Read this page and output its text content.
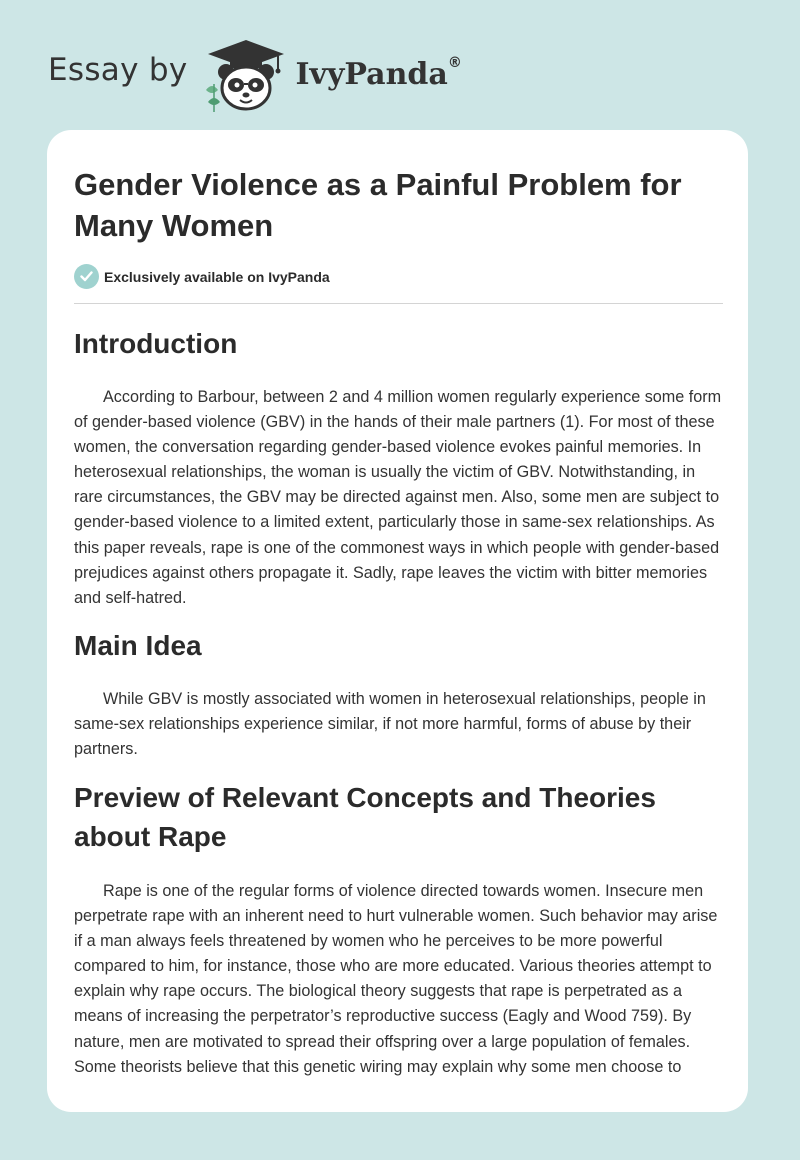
Essay by	IvyPanda®
Gender Violence as a Painful Problem for Many Women
Exclusively available on IvyPanda
Introduction

According to Barbour, between 2 and 4 million women regularly experience some form of gender-based violence (GBV) in the hands of their male partners (1). For most of these women, the conversation regarding gender-based violence evokes painful memories. In heterosexual relationships, the woman is usually the victim of GBV. Notwithstanding, in rare circumstances, the GBV may be directed against men. Also, some men are subject to gender-based violence to a limited extent, particularly those in same-sex relationships. As this paper reveals, rape is one of the commonest ways in which people with gender-based prejudices against others propagate it. Sadly, rape leaves the victim with bitter memories and self-hatred.

Main Idea

While GBV is mostly associated with women in heterosexual relationships, people in same-sex relationships experience similar, if not more harmful, forms of abuse by their partners.

Preview of Relevant Concepts and Theories about Rape

Rape is one of the regular forms of violence directed towards women. Insecure men perpetrate rape with an inherent need to hurt vulnerable women. Such behavior may arise if a man always feels threatened by women who he perceives to be more powerful compared to him, for instance, those who are more educated. Various theories attempt to explain why rape occurs. The biological theory suggests that rape is perpetrated as a means of increasing the perpetrator’s reproductive success (Eagly and Wood 759). By nature, men are motivated to spread their offspring over a large population of females. Some theorists believe that this genetic wiring may explain why some men choose to
